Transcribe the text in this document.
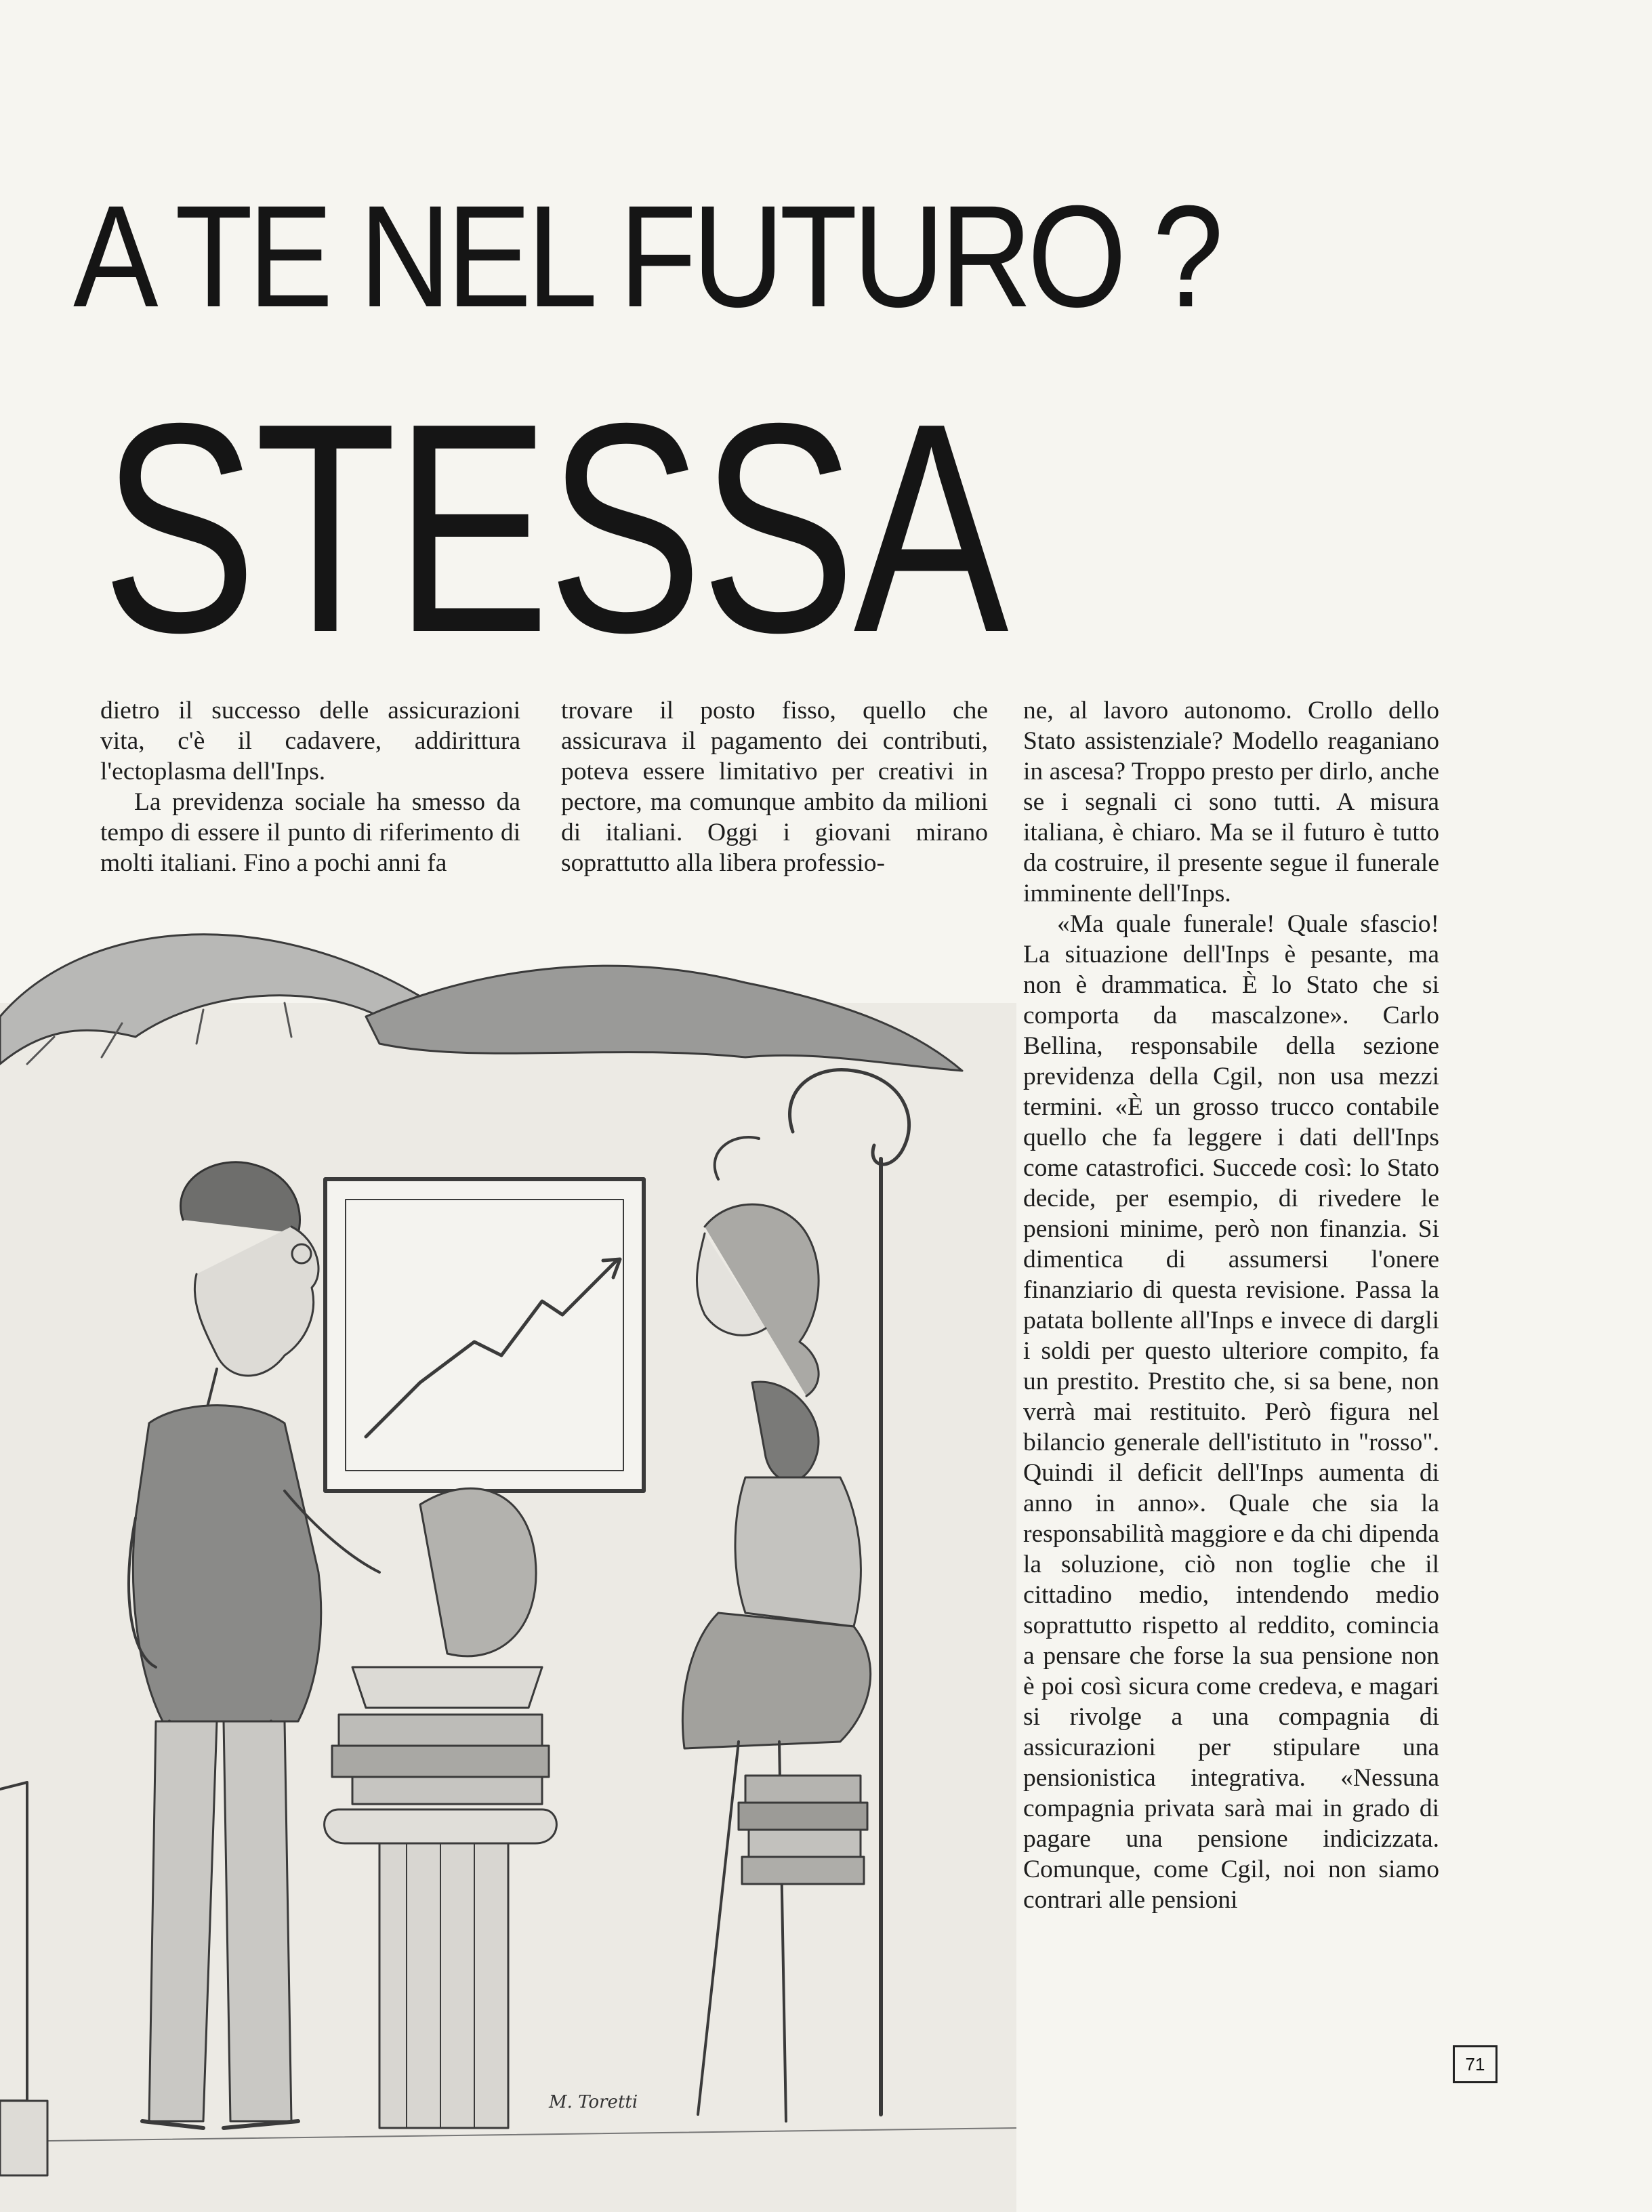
A TE NEL FUTURO ?
STESSA

dietro il successo delle assicurazioni vita, c'è il cadavere, addirittura l'ectoplasma dell'Inps.

La previdenza sociale ha smesso da tempo di essere il punto di riferimento di molti italiani. Fino a pochi anni fa

trovare il posto fisso, quello che assicurava il pagamento dei contributi, poteva essere limitativo per creativi in pectore, ma comunque ambito da milioni di italiani. Oggi i giovani mirano soprattutto alla libera professio-

ne, al lavoro autonomo. Crollo dello Stato assistenziale? Modello reaganiano in ascesa? Troppo presto per dirlo, anche se i segnali ci sono tutti. A misura italiana, è chiaro. Ma se il futuro è tutto da costruire, il presente segue il funerale imminente dell'Inps.

«Ma quale funerale! Quale sfascio! La situazione dell'Inps è pesante, ma non è drammatica. È lo Stato che si comporta da mascalzone». Carlo Bellina, responsabile della sezione previdenza della Cgil, non usa mezzi termini. «È un grosso trucco contabile quello che fa leggere i dati dell'Inps come catastrofici. Succede così: lo Stato decide, per esempio, di rivedere le pensioni minime, però non finanzia. Si dimentica di assumersi l'onere finanziario di questa revisione. Passa la patata bollente all'Inps e invece di dargli i soldi per questo ulteriore compito, fa un prestito. Prestito che, si sa bene, non verrà mai restituito. Però figura nel bilancio generale dell'istituto in "rosso". Quindi il deficit dell'Inps aumenta di anno in anno». Quale che sia la responsabilità maggiore e da chi dipenda la soluzione, ciò non toglie che il cittadino medio, intendendo medio soprattutto rispetto al reddito, comincia a pensare che forse la sua pensione non è poi così sicura come credeva, e magari si rivolge a una compagnia di assicurazioni per stipulare una pensionistica integrativa. «Nessuna compagnia privata sarà mai in grado di pagare una pensione indicizzata. Comunque, come Cgil, noi non siamo contrari alle pensioni

M. Toretti
71
